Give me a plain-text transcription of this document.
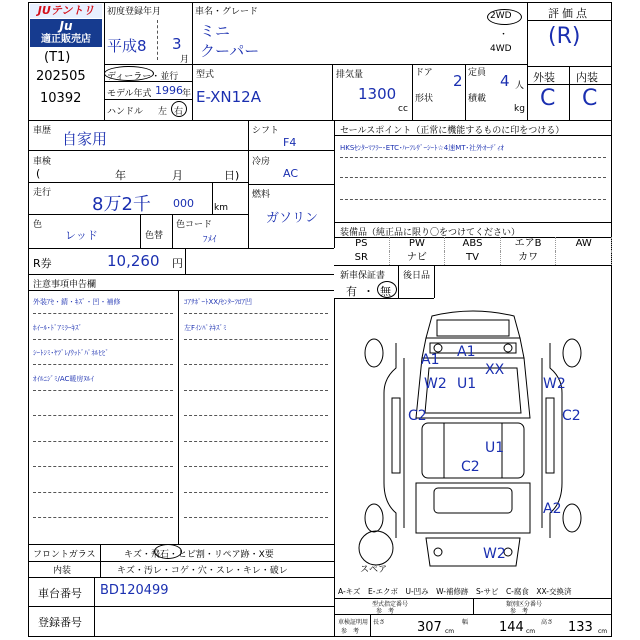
JUテントリ
Ju
適正販売店
(T1)
202505
10392
初度登録年月
平成8 3
月
ディーラー・並行
モデル年式 1996 年
ハンドル 左 右
車名・グレード
ミニ
クーパー
2WD
・
4WD
型式
E-XN12A
排気量
1300
cc
ドア 2
形状
定員 4 人
積載
kg
評価点
(R)
外装 内装
C C
車歴 自家用
車検
(	年	月	日)
走行
8万2千 000 km
色
レッド	色替
色コード
ﾌﾒｲ
シフト
F4
冷房
AC
燃料
ガソリン
R券	10,260 円
セールスポイント（正常に機能するものに印をつける）
HKSｾﾝﾀｰﾏﾌﾗｰ･ETC･ﾊｰﾌﾚｻﾞｰｼｰﾄ☆4速MT･社外ｵｰﾃﾞｨｵ
装備品（純正品に限り〇をつけてください）
PS	PW	ABS	エアB	AW
SR	ナビ	TV	カワ
新車保証書 後日品
有 ・ 無
注意事項申告欄
フロントガラス	キズ・飛石・ヒビ割・リペア跡・X要
内装	キズ・汚レ・コゲ・穴・スレ・キレ・破レ
車台番号 BD120499
登録番号
A1 A1
XX
W2 U1	W2
C2	C2
U1
C2
A2
W2
スペア
A-キズ　E-エクボ　U-凹み　W-補修跡　S-サビ　C-腐食　XX-交換済
型式指定番号
参　考
類別区分番号
参　考
車検証明用
参　考
長さ 307 cm
幅 144 cm
高さ 133 cm
外装ｱｾ・錆・ｷｽﾞ・凹・補修
ﾎｲｰﾙ･ﾄﾞｱﾐﾗｰｷｽﾞ
ｼｰﾄｼﾐ･ﾔﾌﾞﾚ/ｳｯﾄﾞﾊﾟﾈﾙﾋﾋﾞ
ｵｲﾙﾆｼﾞﾐ/AC暖房ﾇﾙｲ
ｺｱｻﾎﾟｰﾄXX/ｾﾝﾀｰﾌﾛｱ凹
左Fｲﾝﾊﾟﾈｷｽﾞﾐ
